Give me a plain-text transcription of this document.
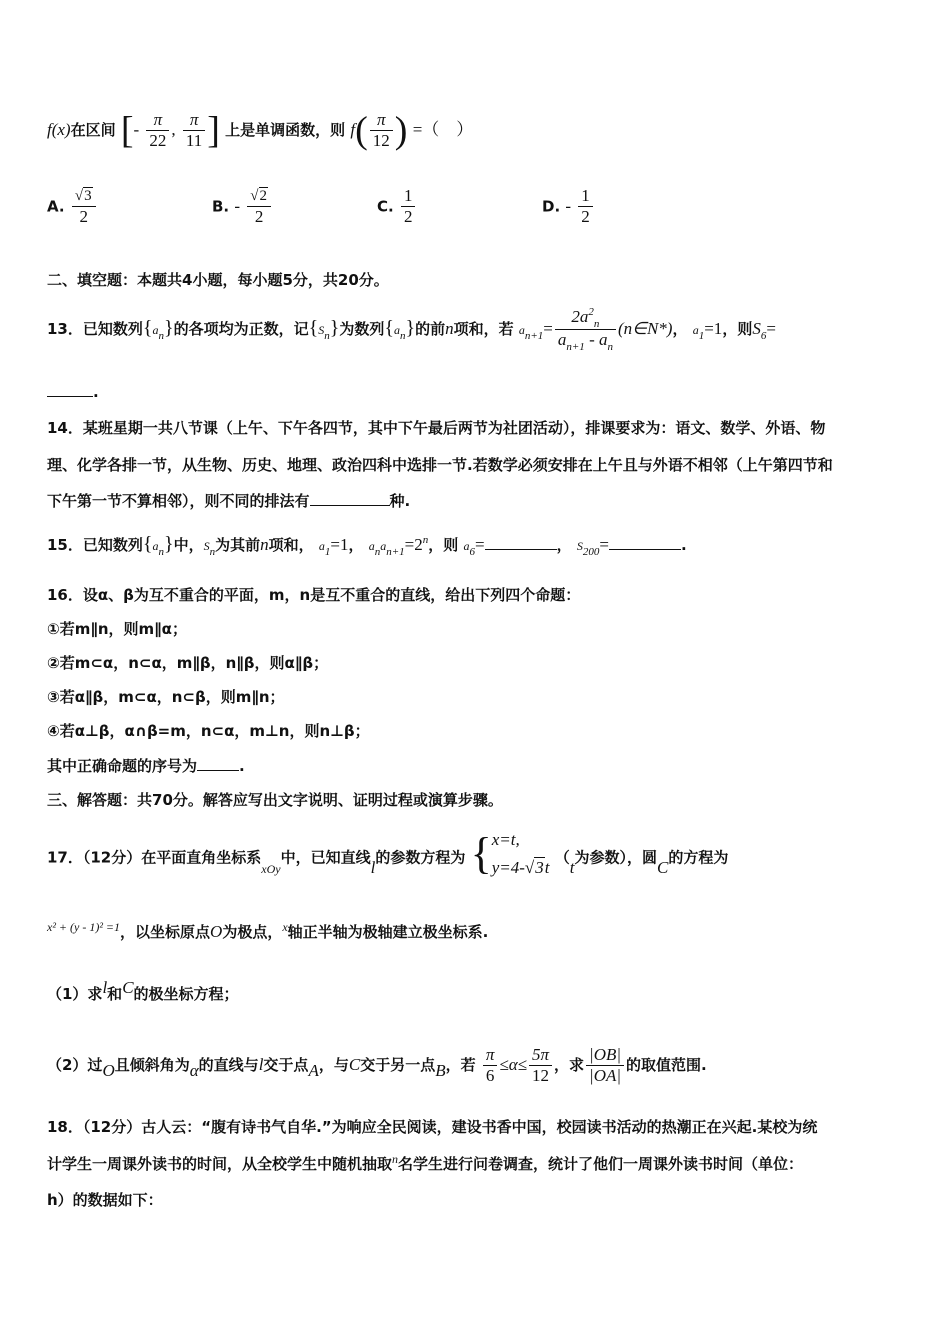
f(x)在区间 [- $\frac{\pi}{22}$ , $\frac{\pi}{11}$ ] 上是单调函数，则 $f( \frac{\pi}{12}$ ) =（　）
A. $\frac{√3}{2}$	B. - $\frac{√2}{2}$	C. $\frac{1}{2}$	D. - $\frac{1}{2}$
二、填空题：本题共4小题，每小题5分，共20分。
13．已知数列{an}的各项均为正数，记{Sn}为数列{an}的前n项和，若 $an+1= \frac{2a^2_n}{a_{n+1} - a_n}$ (n∈N*)， a1=1，则$S_6=$
.
14．某班星期一共八节课（上午、下午各四节，其中下午最后两节为社团活动），排课要求为：语文、数学、外语、物
理、化学各排一节，从生物、历史、地理、政治四科中选排一节.若数学必须安排在上午且与外语不相邻（上午第四节和
下午第一节不算相邻），则不同的排法有	种.
15．已知数列{an}中，Sn为其前n项和， a1=1， $anan+1=2^n$，则 a6=	， S200=	.
16．设α、β为互不重合的平面，m，n是互不重合的直线，给出下列四个命题：
①若m∥n，则m∥α；
②若m⊂α，n⊂α，m∥β，n∥β，则α∥β；
③若α∥β，m⊂α，n⊂β，则m∥n；
④若α⊥β，α∩β=m，n⊂α，m⊥n，则n⊥β；
其中正确命题的序号为	.
三、解答题：共70分。解答应写出文字说明、证明过程或演算步骤。
17．（12分）在平面直角坐标系$_{xOy}$中，已知直线l的参数方程为 { x=t,
y=4-√3t
（t为参数），圆C的方程为
$^{x^2 + (y - 1)^2 =1}$，以坐标原点O为极点，$^x$轴正半轴为极轴建立极坐标系.
（1）求l和C的极坐标方程；
（2）过O且倾斜角为α的直线与l交于点A，与C交于另一点B，若 $\frac{\pi}{6} \le\alpha\le \frac{5\pi}{12}$ ，求 $\frac{|OB|}{|OA|}$ 的取值范围.
18．（12分）古人云：“腹有诗书气自华.”为响应全民阅读，建设书香中国，校园读书活动的热潮正在兴起.某校为统
计学生一周课外读书的时间，从全校学生中随机抽取$^n$名学生进行问卷调查，统计了他们一周课外读书时间（单位：
h）的数据如下：
